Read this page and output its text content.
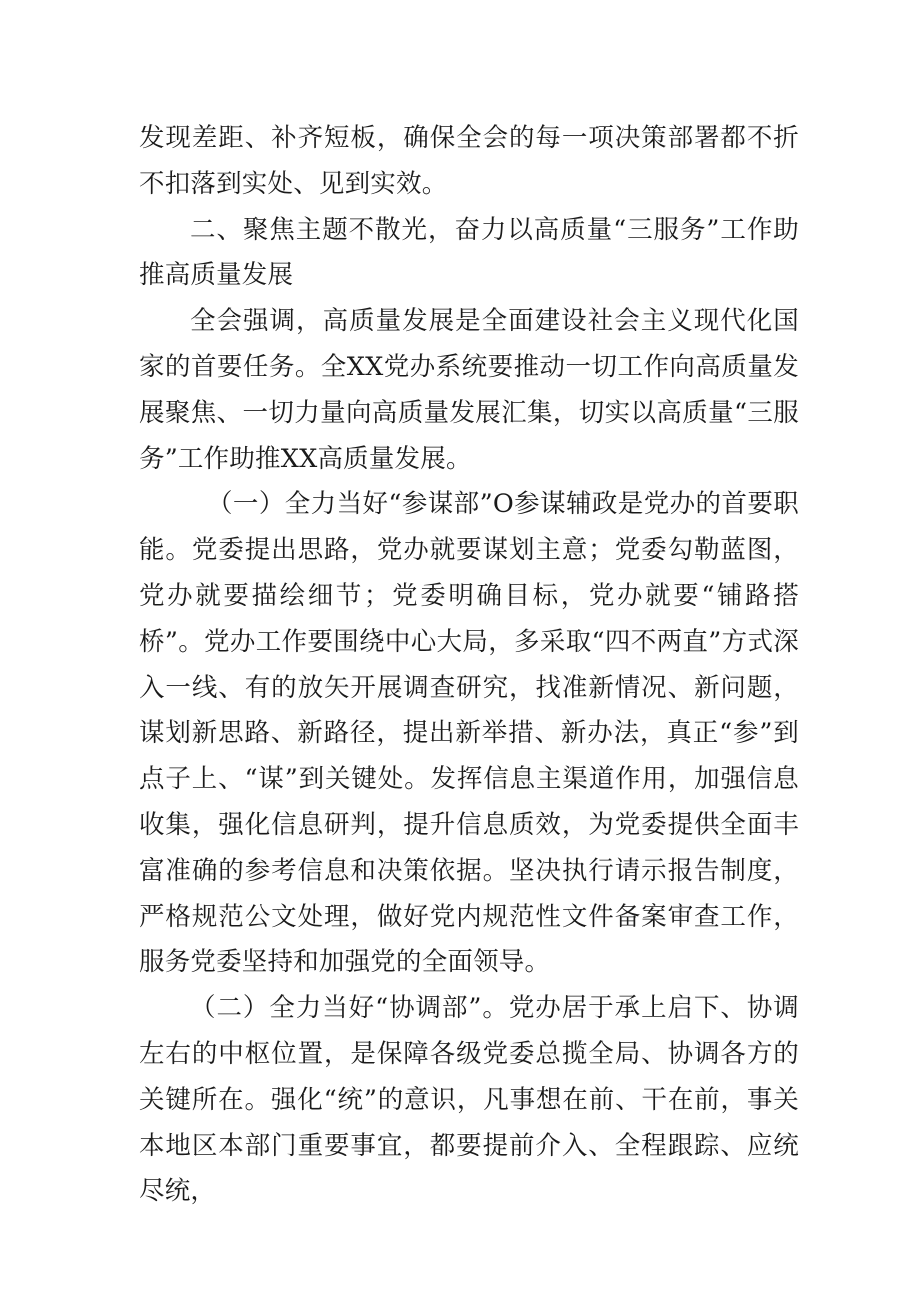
发现差距、补齐短板，确保全会的每一项决策部署都不折不扣落到实处、见到实效。

二、聚焦主题不散光，奋力以高质量“三服务”工作助推高质量发展

全会强调，高质量发展是全面建设社会主义现代化国家的首要任务。全XX党办系统要推动一切工作向高质量发展聚焦、一切力量向高质量发展汇集，切实以高质量“三服务”工作助推XX高质量发展。

（一）全力当好“参谋部”O参谋辅政是党办的首要职能。党委提出思路，党办就要谋划主意；党委勾勒蓝图，党办就要描绘细节；党委明确目标，党办就要“铺路搭桥”。党办工作要围绕中心大局，多采取“四不两直”方式深入一线、有的放矢开展调查研究，找准新情况、新问题，谋划新思路、新路径，提出新举措、新办法，真正“参”到点子上、“谋”到关键处。发挥信息主渠道作用，加强信息收集，强化信息研判，提升信息质效，为党委提供全面丰富准确的参考信息和决策依据。坚决执行请示报告制度，严格规范公文处理，做好党内规范性文件备案审查工作，服务党委坚持和加强党的全面领导。

（二）全力当好“协调部”。党办居于承上启下、协调左右的中枢位置，是保障各级党委总揽全局、协调各方的关键所在。强化“统”的意识，凡事想在前、干在前，事关本地区本部门重要事宜，都要提前介入、全程跟踪、应统尽统，
